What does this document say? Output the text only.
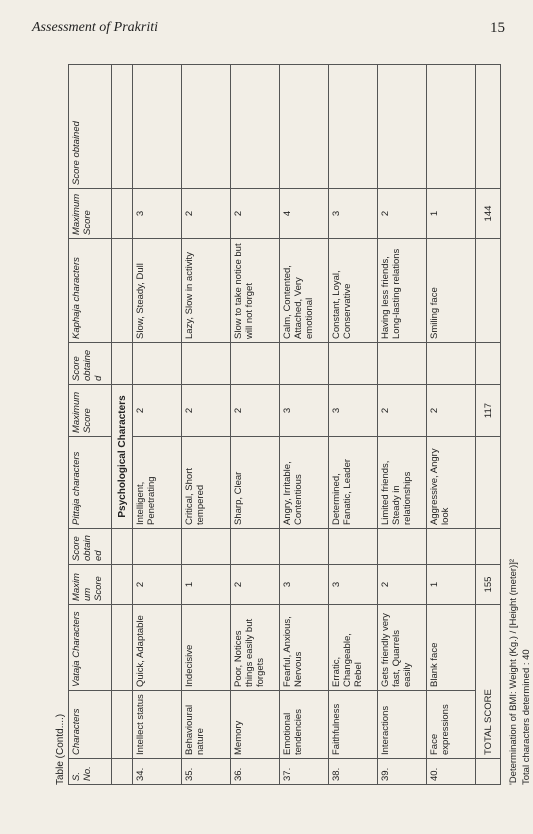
Assessment of Prakriti	15
Table (Contd....) S. No.	Characters	Vataja Characters	Maximum Score	Score obtained	Pittaja characters	Maximum Score	Score obtained	Kaphaja characters	Maximum Score	Score obtained
					Psychological Characters					
34.	Intellect status	Quick, Adaptable	2		Intelligent, Penetrating	2		Slow, Steady, Dull	3	
35.	Behavioural nature	Indecisive	1		Critical, Short tempered	2		Lazy, Slow in activity	2	
36.	Memory	Poor, Notices things easily but forgets	2		Sharp, Clear	2		Slow to take notice but will not forget	2	
37.	Emotional tendencies	Fearful, Anxious, Nervous	3		Angry, Irritable, Contentious	3		Calm, Contented, Attached, Very emotional	4	
38.	Faithfulness	Erratic, Changeable, Rebel	3		Determined, Fanatic, Leader	3		Constant, Loyal, Conservative	3	
39.	Interactions	Gets friendly very fast, Quarrels easily	2		Limited friends, Steady in relationships	2		Having less friends, Long-lasting relations	2	
40.	Face expressions	Blank face	1		Aggressive, Angry look	2		Smiling face	1	
	TOTAL SCORE		155			117			144	
'Determination of BMI: Weight (Kg.) / [Height (meter)]² Total characters determined : 40
